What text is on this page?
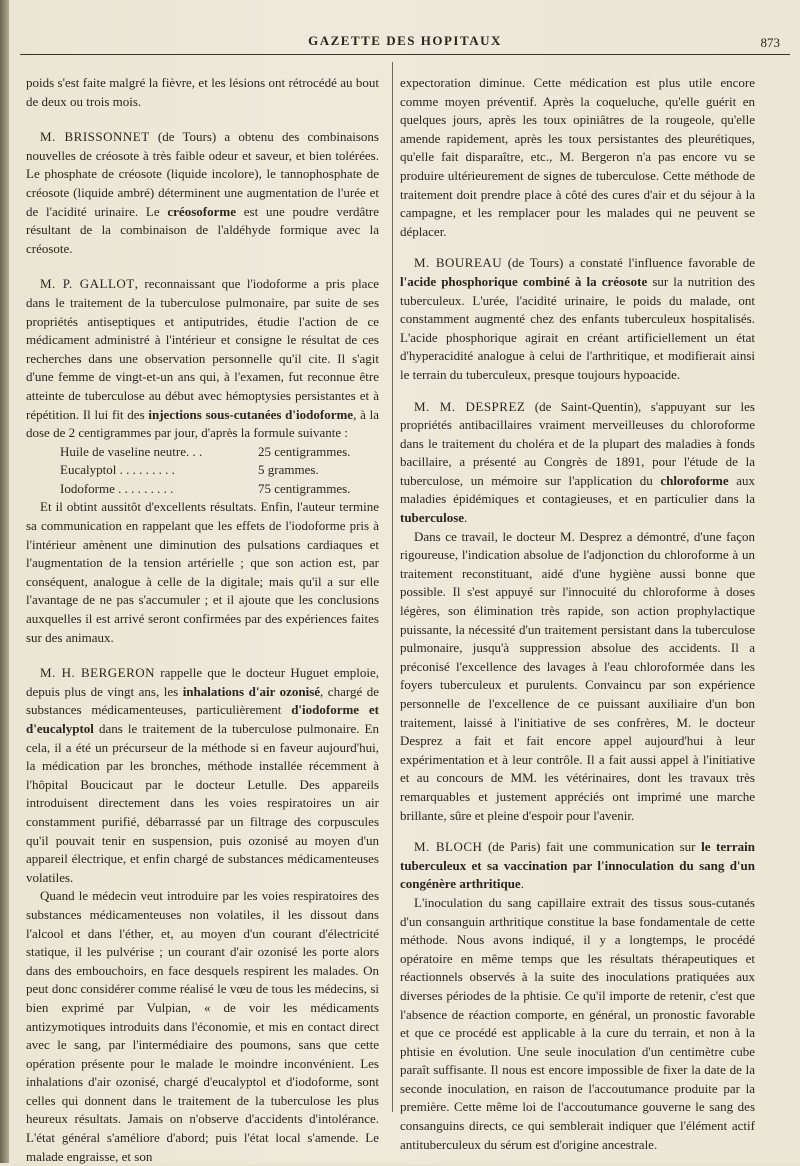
GAZETTE DES HOPITAUX	873

poids s'est faite malgré la fièvre, et les lésions ont rétrocédé au bout de deux ou trois mois.

M. BRISSONNET (de Tours) a obtenu des combinaisons nouvelles de créosote à très faible odeur et saveur, et bien tolérées. Le phosphate de créosote (liquide incolore), le tannophosphate de créosote (liquide ambré) déterminent une augmentation de l'urée et de l'acidité urinaire. Le créosoforme est une poudre verdâtre résultant de la combinaison de l'aldéhyde formique avec la créosote.

M. P. GALLOT, reconnaissant que l'iodoforme a pris place dans le traitement de la tuberculose pulmonaire, par suite de ses propriétés antiseptiques et antiputrides, étudie l'action de ce médicament administré à l'intérieur et consigne le résultat de ces recherches dans une observation personnelle qu'il cite. Il s'agit d'une femme de vingt-et-un ans qui, à l'examen, fut reconnue être atteinte de tuberculose au début avec hémoptysies persistantes et à répétition. Il lui fit des injections sous-cutanées d'iodoforme, à la dose de 2 centigrammes par jour, d'après la formule suivante :

Huile de vaseline neutre. . .	25 centigrammes.
Eucalyptol . . . . . . . . .	5 grammes.
Iodoforme . . . . . . . . .	75 centigrammes.

Et il obtint aussitôt d'excellents résultats. Enfin, l'auteur termine sa communication en rappelant que les effets de l'iodoforme pris à l'intérieur amènent une diminution des pulsations cardiaques et l'augmentation de la tension artérielle ; que son action est, par conséquent, analogue à celle de la digitale; mais qu'il a sur elle l'avantage de ne pas s'accumuler ; et il ajoute que les conclusions auxquelles il est arrivé seront confirmées par des expériences faites sur des animaux.

M. H. BERGERON rappelle que le docteur Huguet emploie, depuis plus de vingt ans, les inhalations d'air ozonisé, chargé de substances médicamenteuses, particulièrement d'iodoforme et d'eucalyptol dans le traitement de la tuberculose pulmonaire. En cela, il a été un précurseur de la méthode si en faveur aujourd'hui, la médication par les bronches, méthode installée récemment à l'hôpital Boucicaut par le docteur Letulle. Des appareils introduisent directement dans les voies respiratoires un air constamment purifié, débarrassé par un filtrage des corpuscules qu'il pouvait tenir en suspension, puis ozonisé au moyen d'un appareil électrique, et enfin chargé de substances médicamenteuses volatiles.

Quand le médecin veut introduire par les voies respiratoires des substances médicamenteuses non volatiles, il les dissout dans l'alcool et dans l'éther, et, au moyen d'un courant d'électricité statique, il les pulvérise ; un courant d'air ozonisé les porte alors dans des embouchoirs, en face desquels respirent les malades. On peut donc considérer comme réalisé le vœu de tous les médecins, si bien exprimé par Vulpian, « de voir les médicaments antizymotiques introduits dans l'économie, et mis en contact direct avec le sang, par l'intermédiaire des poumons, sans que cette opération présente pour le malade le moindre inconvénient. Les inhalations d'air ozonisé, chargé d'eucalyptol et d'iodoforme, sont celles qui donnent dans le traitement de la tuberculose les plus heureux résultats. Jamais on n'observe d'accidents d'intolérance. L'état général s'améliore d'abord; puis l'état local s'amende. Le malade engraisse, et son

expectoration diminue. Cette médication est plus utile encore comme moyen préventif. Après la coqueluche, qu'elle guérit en quelques jours, après les toux opiniâtres de la rougeole, qu'elle amende rapidement, après les toux persistantes des pleurétiques, qu'elle fait disparaître, etc., M. Bergeron n'a pas encore vu se produire ultérieurement de signes de tuberculose. Cette méthode de traitement doit prendre place à côté des cures d'air et du séjour à la campagne, et les remplacer pour les malades qui ne peuvent se déplacer.

M. BOUREAU (de Tours) a constaté l'influence favorable de l'acide phosphorique combiné à la créosote sur la nutrition des tuberculeux. L'urée, l'acidité urinaire, le poids du malade, ont constamment augmenté chez des enfants tuberculeux hospitalisés. L'acide phosphorique agirait en créant artificiellement un état d'hyperacidité analogue à celui de l'arthritique, et modifierait ainsi le terrain du tuberculeux, presque toujours hypoacide.

M. M. DESPREZ (de Saint-Quentin), s'appuyant sur les propriétés antibacillaires vraiment merveilleuses du chloroforme dans le traitement du choléra et de la plupart des maladies à fonds bacillaire, a présenté au Congrès de 1891, pour l'étude de la tuberculose, un mémoire sur l'application du chloroforme aux maladies épidémiques et contagieuses, et en particulier dans la tuberculose.

Dans ce travail, le docteur M. Desprez a démontré, d'une façon rigoureuse, l'indication absolue de l'adjonction du chloroforme à un traitement reconstituant, aidé d'une hygiène aussi bonne que possible. Il s'est appuyé sur l'innocuité du chloroforme à doses légères, son élimination très rapide, son action prophylactique puissante, la nécessité d'un traitement persistant dans la tuberculose pulmonaire, jusqu'à suppression absolue des accidents. Il a préconisé l'excellence des lavages à l'eau chloroformée dans les foyers tuberculeux et purulents. Convaincu par son expérience personnelle de l'excellence de ce puissant auxiliaire d'un bon traitement, laissé à l'initiative de ses confrères, M. le docteur Desprez a fait et fait encore appel aujourd'hui à leur expérimentation et à leur contrôle. Il a fait aussi appel à l'initiative et au concours de MM. les vétérinaires, dont les travaux très remarquables et justement appréciés ont imprimé une marche brillante, sûre et pleine d'espoir pour l'avenir.

M. BLOCH (de Paris) fait une communication sur le terrain tuberculeux et sa vaccination par l'innoculation du sang d'un congénère arthritique.

L'inoculation du sang capillaire extrait des tissus sous-cutanés d'un consanguin arthritique constitue la base fondamentale de cette méthode. Nous avons indiqué, il y a longtemps, le procédé opératoire en même temps que les résultats thérapeutiques et réactionnels observés à la suite des inoculations pratiquées aux diverses périodes de la phtisie. Ce qu'il importe de retenir, c'est que l'absence de réaction comporte, en général, un pronostic favorable et que ce procédé est applicable à la cure du terrain, et non à la phtisie en évolution. Une seule inoculation d'un centimètre cube paraît suffisante. Il nous est encore impossible de fixer la date de la seconde inoculation, en raison de l'accoutumance produite par la première. Cette même loi de l'accoutumance gouverne le sang des consanguins directs, ce qui semblerait indiquer que l'élément actif antituberculeux du sérum est d'origine ancestrale.
